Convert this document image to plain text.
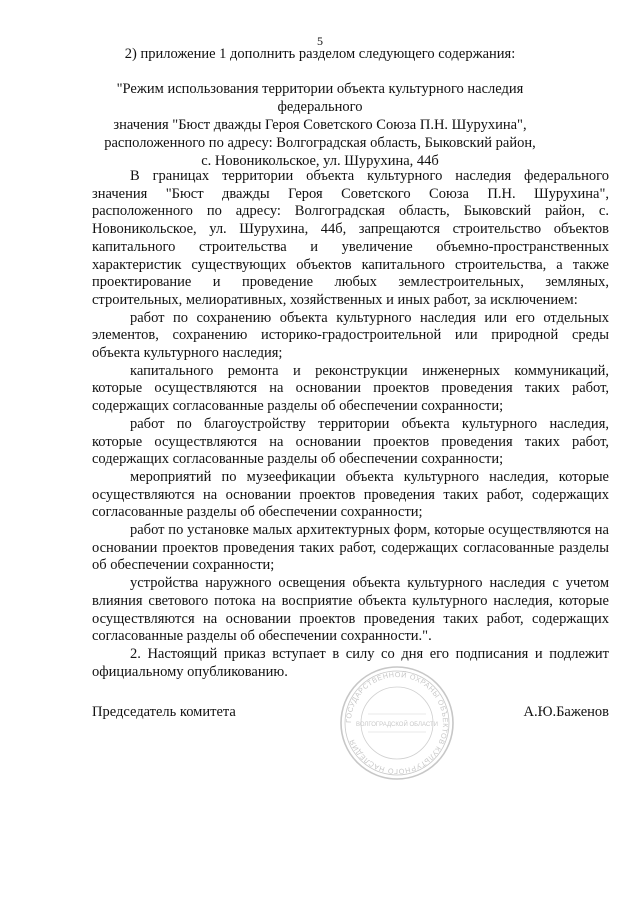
5
2) приложение 1 дополнить разделом следующего содержания:
"Режим использования территории объекта культурного наследия федерального
значения "Бюст дважды Героя Советского Союза П.Н. Шурухина",
расположенного по адресу: Волгоградская область, Быковский район,
с. Новоникольское, ул. Шурухина, 44б

В границах территории объекта культурного наследия федерального значения "Бюст дважды Героя Советского Союза П.Н. Шурухина", расположенного по адресу: Волгоградская область, Быковский район, с. Новоникольское, ул. Шурухина, 44б, запрещаются строительство объектов капитального строительства и увеличение объемно-пространственных характеристик существующих объектов капитального строительства, а также проектирование и проведение любых землестроительных, земляных, строительных, мелиоративных, хозяйственных и иных работ, за исключением:

работ по сохранению объекта культурного наследия или его отдельных элементов, сохранению историко-градостроительной или природной среды объекта культурного наследия;

капитального ремонта и реконструкции инженерных коммуникаций, которые осуществляются на основании проектов проведения таких работ, содержащих согласованные разделы об обеспечении сохранности;

работ по благоустройству территории объекта культурного наследия, которые осуществляются на основании проектов проведения таких работ, содержащих согласованные разделы об обеспечении сохранности;

мероприятий по музеефикации объекта культурного наследия, которые осуществляются на основании проектов проведения таких работ, содержащих согласованные разделы об обеспечении сохранности;

работ по установке малых архитектурных форм, которые осуществляются на основании проектов проведения таких работ, содержащих согласованные разделы об обеспечении сохранности;

устройства наружного освещения объекта культурного наследия с учетом влияния светового потока на восприятие объекта культурного наследия, которые осуществляются на основании проектов проведения таких работ, содержащих согласованные разделы об обеспечении сохранности.".

2. Настоящий приказ вступает в силу со дня его подписания и подлежит официальному опубликованию.

ГОСУДАРСТВЕННОЙ ОХРАНЫ ОБЪЕКТОВ КУЛЬТУРНОГО НАСЛЕДИЯ
ВОЛГОГРАДСКОЙ ОБЛАСТИ
Председатель комитета	А.Ю.Баженов
